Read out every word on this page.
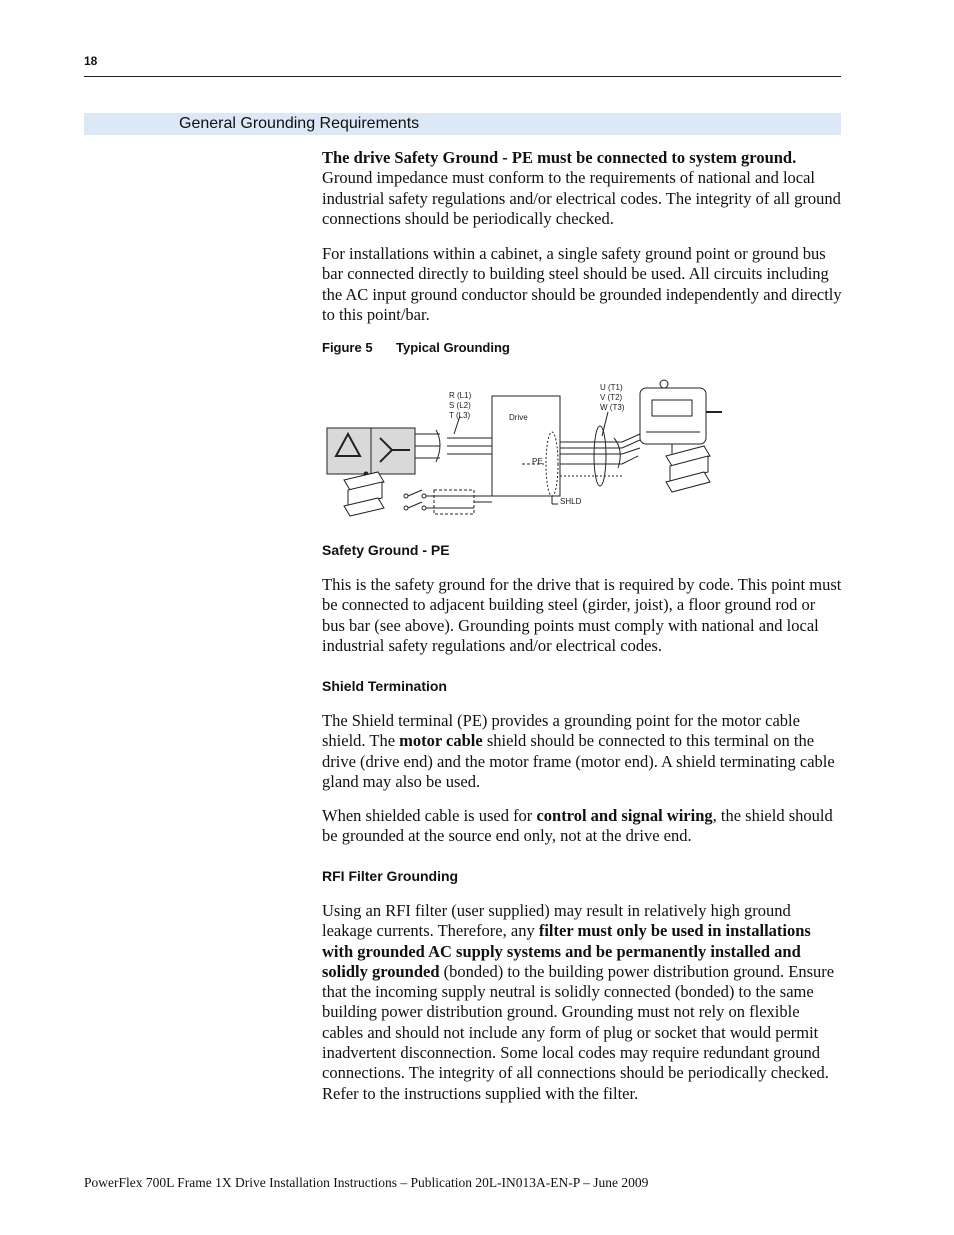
18
General Grounding Requirements

The drive Safety Ground - PE must be connected to system ground. Ground impedance must conform to the requirements of national and local industrial safety regulations and/or electrical codes. The integrity of all ground connections should be periodically checked.

For installations within a cabinet, a single safety ground point or ground bus bar connected directly to building steel should be used. All circuits including the AC input ground conductor should be grounded independently and directly to this point/bar.

Figure 5 Typical Grounding
R (L1)
S (L2)
T (L3)	Drive
PE
SHLD
U (T1)
V (T2)
W (T3)
Safety Ground - PE

This is the safety ground for the drive that is required by code. This point must be connected to adjacent building steel (girder, joist), a floor ground rod or bus bar (see above). Grounding points must comply with national and local industrial safety regulations and/or electrical codes.

Shield Termination

The Shield terminal (PE) provides a grounding point for the motor cable shield. The motor cable shield should be connected to this terminal on the drive (drive end) and the motor frame (motor end). A shield terminating cable gland may also be used.

When shielded cable is used for control and signal wiring, the shield should be grounded at the source end only, not at the drive end.

RFI Filter Grounding

Using an RFI filter (user supplied) may result in relatively high ground leakage currents. Therefore, any filter must only be used in installations with grounded AC supply systems and be permanently installed and solidly grounded (bonded) to the building power distribution ground. Ensure that the incoming supply neutral is solidly connected (bonded) to the same building power distribution ground. Grounding must not rely on flexible cables and should not include any form of plug or socket that would permit inadvertent disconnection. Some local codes may require redundant ground connections. The integrity of all connections should be periodically checked. Refer to the instructions supplied with the filter.

PowerFlex 700L Frame 1X Drive Installation Instructions – Publication 20L-IN013A-EN-P – June 2009
